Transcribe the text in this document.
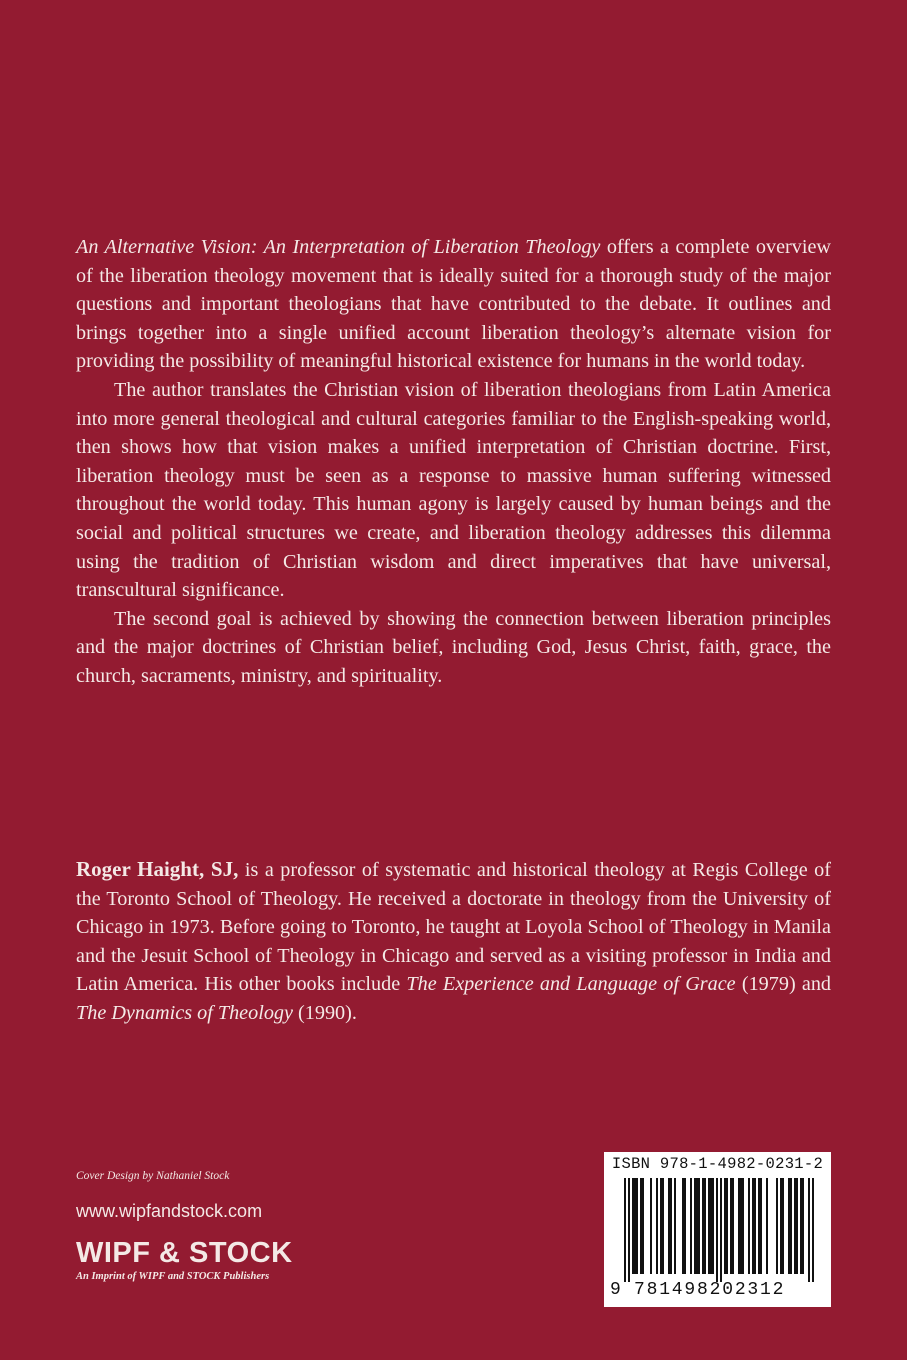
An Alternative Vision: An Interpretation of Liberation Theology offers a complete overview of the liberation theology movement that is ideally suited for a thorough study of the major questions and important theologians that have contributed to the debate. It outlines and brings together into a single unified account liberation theology’s alternate vision for providing the possibility of meaningful historical existence for humans in the world today.

The author translates the Christian vision of liberation theologians from Latin America into more general theological and cultural categories familiar to the English-speaking world, then shows how that vision makes a unified interpretation of Christian doctrine. First, liberation theology must be seen as a response to massive human suffering witnessed throughout the world today. This human agony is largely caused by human beings and the social and political structures we create, and liberation theology addresses this dilemma using the tradition of Christian wisdom and direct imperatives that have universal, transcultural significance.

The second goal is achieved by showing the connection between liberation principles and the major doctrines of Christian belief, including God, Jesus Christ, faith, grace, the church, sacraments, ministry, and spirituality.

Roger Haight, SJ, is a professor of systematic and historical theology at Regis College of the Toronto School of Theology. He received a doctorate in theology from the University of Chicago in 1973. Before going to Toronto, he taught at Loyola School of Theology in Manila and the Jesuit School of Theology in Chicago and served as a visiting professor in India and Latin America. His other books include The Experience and Language of Grace (1979) and The Dynamics of Theology (1990).

Cover Design by Nathaniel Stock
www.wipfandstock.com
WIPF & STOCK
An Imprint of WIPF and STOCK Publishers
ISBN 978-1-4982-0231-2
9 781498202312
